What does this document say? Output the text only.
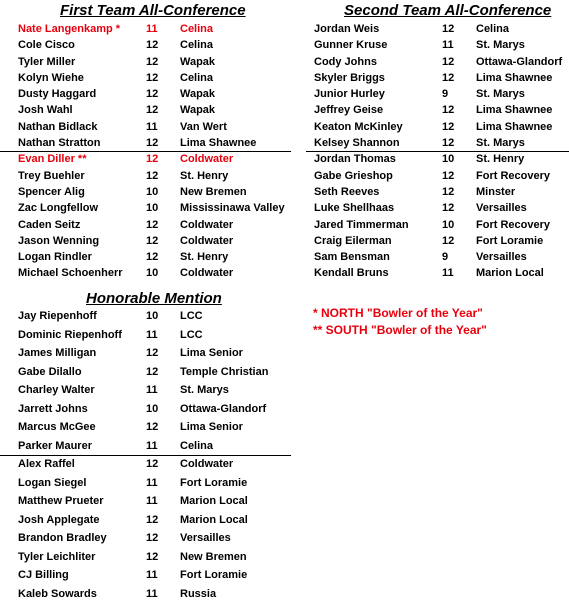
First Team All-Conference
Nate Langenkamp * 11 Celina
Cole Cisco	12 Celina
Tyler Miller	12 Wapak
Kolyn Wiehe	12 Celina
Dusty Haggard	12 Wapak
Josh Wahl	12 Wapak
Nathan Bidlack	11 Van Wert
Nathan Stratton	12 Lima Shawnee
Evan Diller **	12 Coldwater
Trey Buehler	12 St. Henry
Spencer Alig	10 New Bremen
Zac Longfellow	10 Mississinawa Valley
Caden Seitz	12 Coldwater
Jason Wenning	12 Coldwater
Logan Rindler	12 St. Henry
Michael Schoenherr 10 Coldwater
Second Team All-Conference
Jordan Weis	12 Celina
Gunner Kruse	11 St. Marys
Cody Johns	12 Ottawa-Glandorf
Skyler Briggs	12 Lima Shawnee
Junior Hurley	9	St. Marys
Jeffrey Geise	12 Lima Shawnee
Keaton McKinley	12 Lima Shawnee
Kelsey Shannon	12 St. Marys
Jordan Thomas	10 St. Henry
Gabe Grieshop	12 Fort Recovery
Seth Reeves	12 Minster
Luke Shellhaas	12 Versailles
Jared Timmerman	10 Fort Recovery
Craig Eilerman	12 Fort Loramie
Sam Bensman	9	Versailles
Kendall Bruns	11 Marion Local
Honorable Mention
Jay Riepenhoff	10 LCC
Dominic Riepenhoff 11 LCC
James Milligan	12 Lima Senior
Gabe Dilallo	12 Temple Christian
Charley Walter	11 St. Marys
Jarrett Johns	10 Ottawa-Glandorf
Marcus McGee	12 Lima Senior
Parker Maurer	11 Celina
Alex Raffel	12 Coldwater
Logan Siegel	11 Fort Loramie
Matthew Prueter	11 Marion Local
Josh Applegate	12 Marion Local
Brandon Bradley	12 Versailles
Tyler Leichliter	12 New Bremen
CJ Billing	11 Fort Loramie
Kaleb Sowards	11 Russia
* NORTH "Bowler of the Year"
** SOUTH "Bowler of the Year"
